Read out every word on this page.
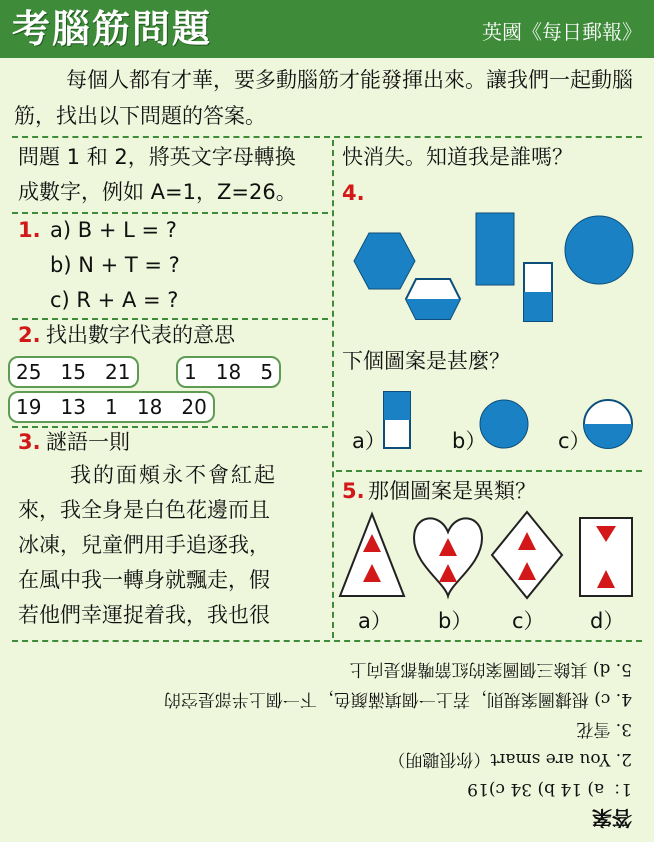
考腦筋問題	英國《每日郵報》

每個人都有才華，要多動腦筋才能發揮出來。讓我們一起動腦筋，找出以下問題的答案。

問題 1 和 2，將英文字母轉換
成數字，例如 A=1，Z=26。
1. a) B + L = ?
b) N + T = ?
c) R + A = ?
2. 找出數字代表的意思
25   15   21	1   18   5
19   13   1   18   20
3. 謎語一則

我的面頰永不會紅起

來，我全身是白色花邊而且
冰凍，兒童們用手追逐我，
在風中我一轉身就飄走，假
若他們幸運捉着我，我也很
快消失。知道我是誰嗎？
4.
下個圖案是甚麼？
a）	b）	c）
5. 那個圖案是異類？
a） b） c） d）
答案
1：a) 14 b) 34 c)19
2. You are smart（你很聰明）
3. 雪花
4. c) 根據圖案規則，若上一個填滿顏色，下一個上半部是空的
5. d) 其餘三個圖案的紅箭嘴都是向上
